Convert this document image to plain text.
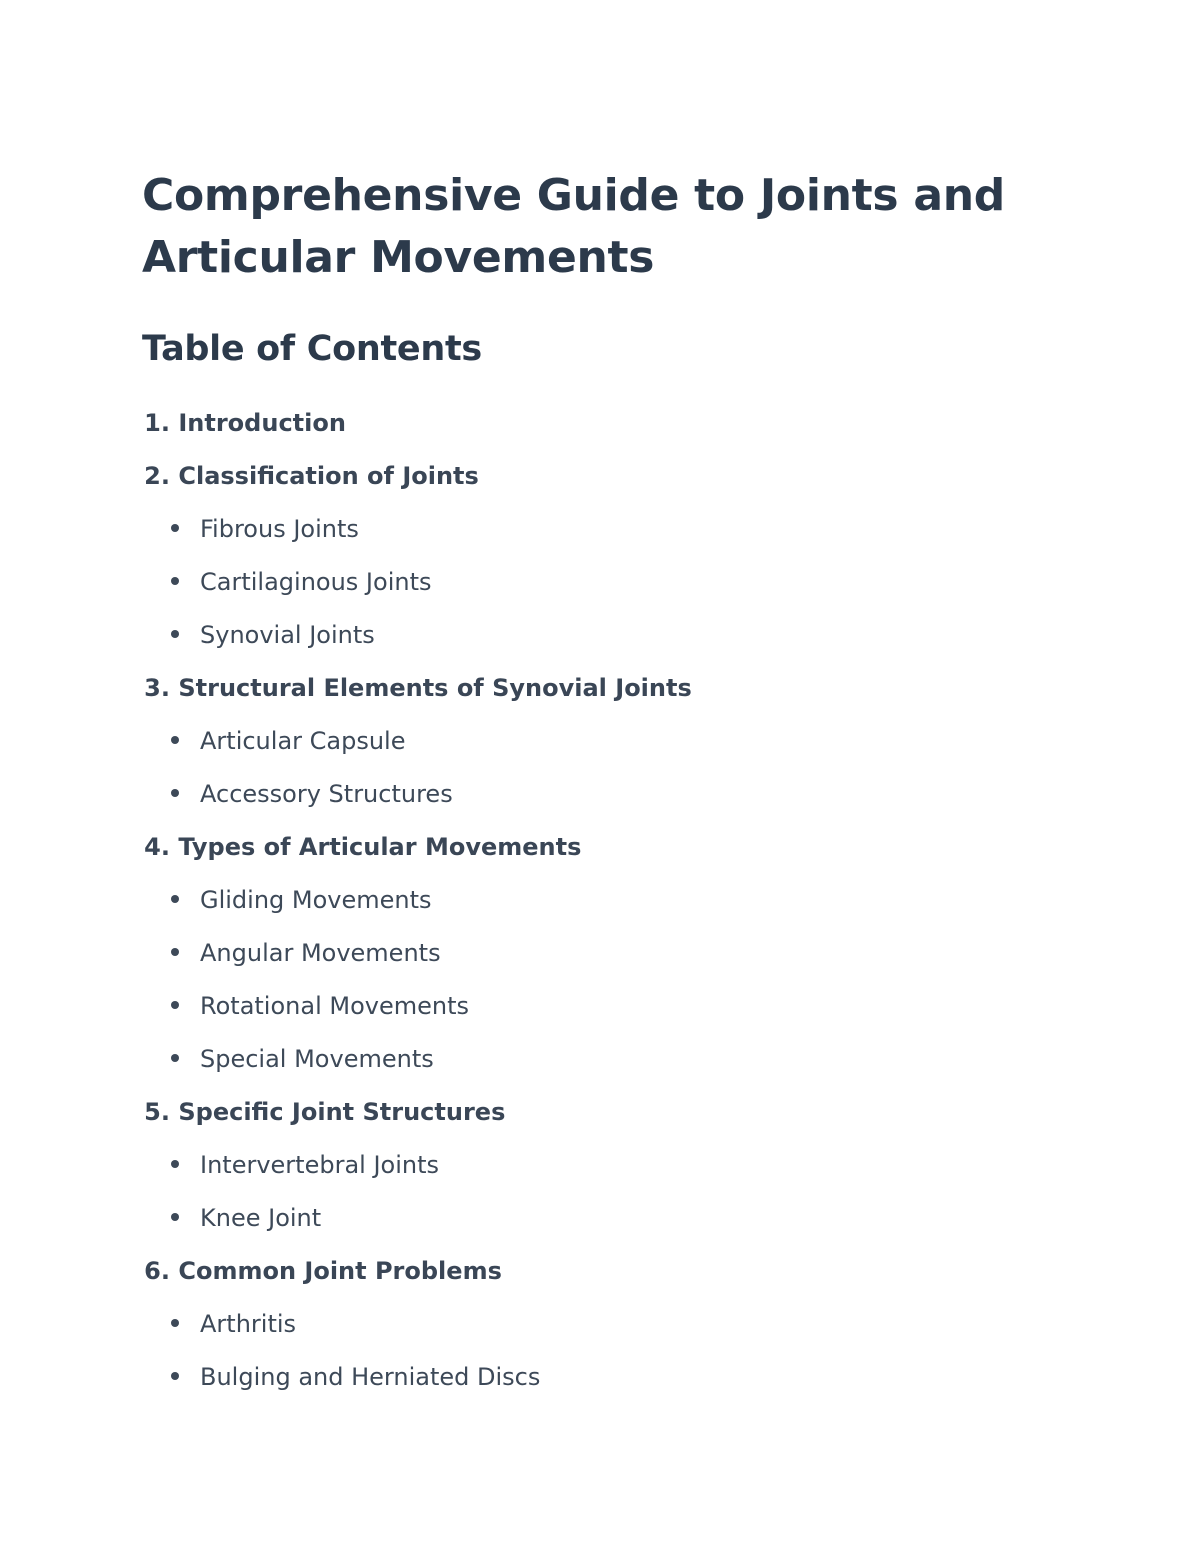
Comprehensive Guide to Joints and
Articular Movements
Table of Contents
1. Introduction
2. Classification of Joints
Fibrous Joints
Cartilaginous Joints
Synovial Joints
3. Structural Elements of Synovial Joints
Articular Capsule
Accessory Structures
4. Types of Articular Movements
Gliding Movements
Angular Movements
Rotational Movements
Special Movements
5. Specific Joint Structures
Intervertebral Joints
Knee Joint
6. Common Joint Problems
Arthritis
Bulging and Herniated Discs
